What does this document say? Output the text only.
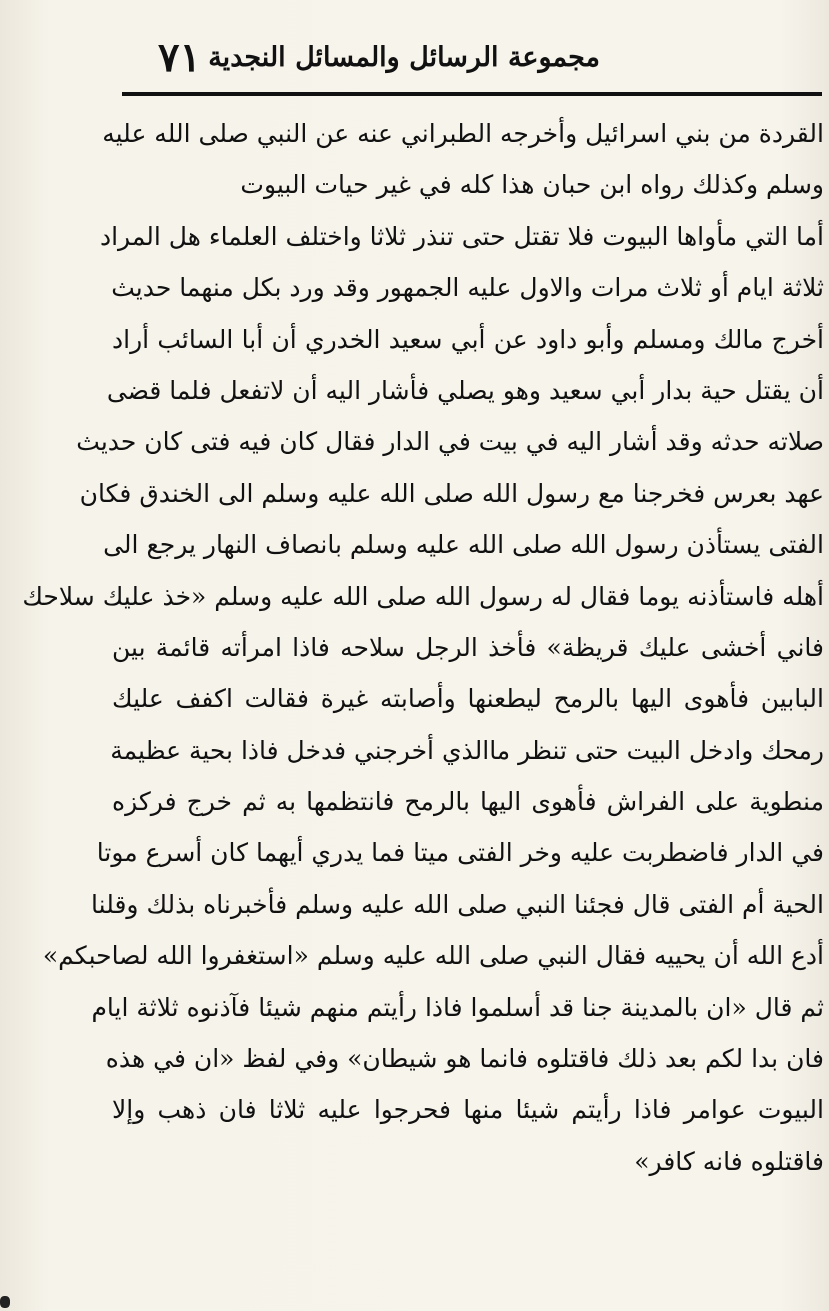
مجموعة الرسائل والمسائل النجدية
٧١
القردة من بني اسرائيل وأخرجه الطبراني عنه عن النبي صلى الله عليه
وسلم وكذلك رواه ابن حبان هذا كله في غير حيات البيوت
أما التي مأواها البيوت فلا تقتل حتى تنذر ثلاثا واختلف العلماء هل المراد
ثلاثة ايام أو ثلاث مرات والاول عليه الجمهور وقد ورد بكل منهما حديث
أخرج مالك ومسلم وأبو داود عن أبي سعيد الخدري أن أبا السائب أراد
أن يقتل حية بدار أبي سعيد وهو يصلي فأشار اليه أن لاتفعل فلما قضى
صلاته حدثه وقد أشار اليه في بيت في الدار فقال كان فيه فتى كان حديث
عهد بعرس فخرجنا مع رسول الله صلى الله عليه وسلم الى الخندق فكان
الفتى يستأذن رسول الله صلى الله عليه وسلم بانصاف النهار يرجع الى
أهله فاستأذنه يوما فقال له رسول الله صلى الله عليه وسلم «خذ عليك سلاحك
فاني أخشى عليك قريظة» فأخذ الرجل سلاحه فاذا امرأته قائمة بين
البابين فأهوى اليها بالرمح ليطعنها وأصابته غيرة فقالت اكفف عليك
رمحك وادخل البيت حتى تنظر ماالذي أخرجني فدخل فاذا بحية عظيمة
منطوية على الفراش فأهوى اليها بالرمح فانتظمها به ثم خرج فركزه
في الدار فاضطربت عليه وخر الفتى ميتا فما يدري أيهما كان أسرع موتا
الحية أم الفتى قال فجئنا النبي صلى الله عليه وسلم فأخبرناه بذلك وقلنا
أدع الله أن يحييه فقال النبي صلى الله عليه وسلم «استغفروا الله لصاحبكم»
ثم قال «ان بالمدينة جنا قد أسلموا فاذا رأيتم منهم شيئا فآذنوه ثلاثة ايام
فان بدا لكم بعد ذلك فاقتلوه فانما هو شيطان» وفي لفظ «ان في هذه
البيوت عوامر فاذا رأيتم شيئا منها فحرجوا عليه ثلاثا فان ذهب وإلا
فاقتلوه فانه كافر»
